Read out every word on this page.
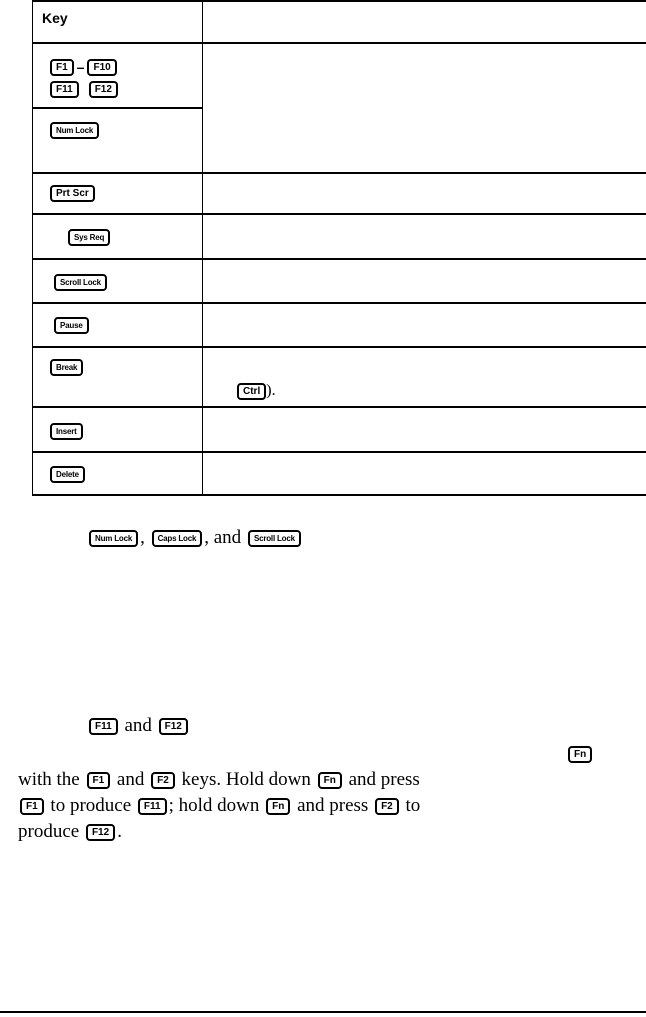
Key
F1 – F10
F11 F12
Num Lock
Prt Scr
Sys Req
Scroll Lock
Pause
Break
Ctrl ).
Insert
Delete
Num Lock , Caps Lock , and Scroll Lock
F11 and F12
Fn
with the F1 and F2 keys. Hold down Fn and press
F1 to produce F11 ; hold down Fn and press F2 to
produce F12 .
